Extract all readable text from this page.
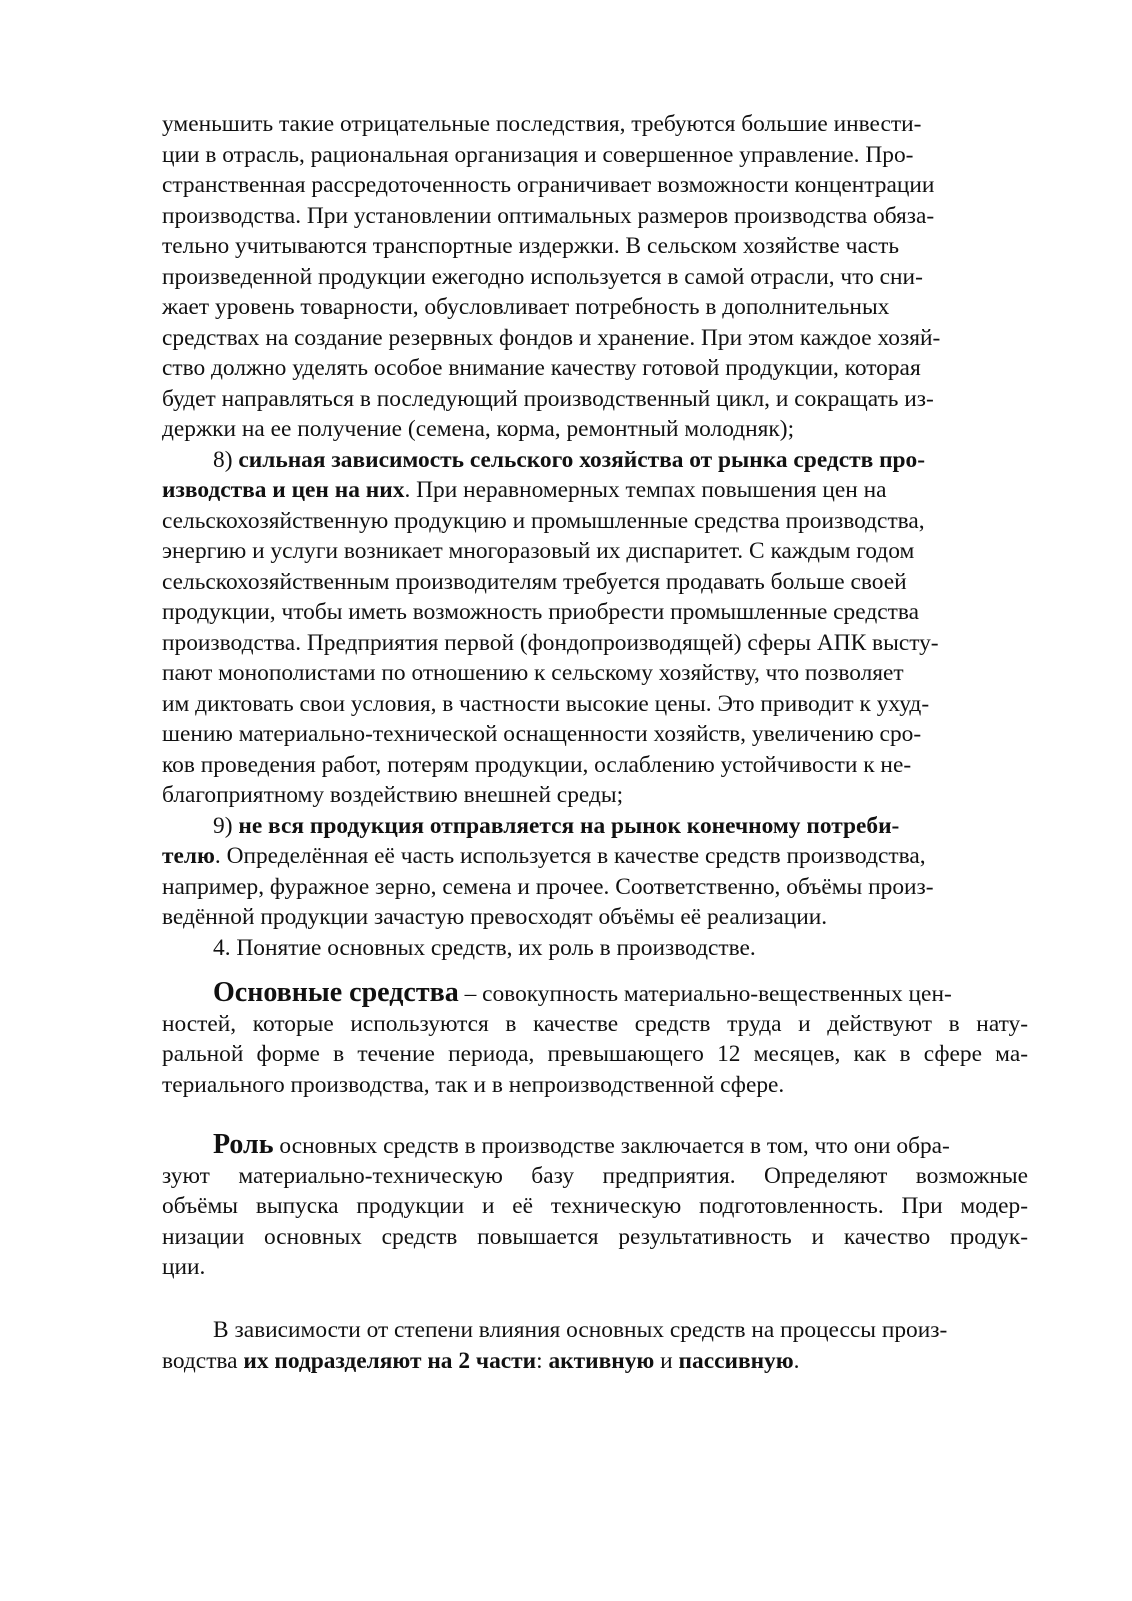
уменьшить такие отрицательные последствия, требуются большие инвести-
ции в отрасль, рациональная организация и совершенное управление. Про-
странственная рассредоточенность ограничивает возможности концентрации
производства. При установлении оптимальных размеров производства обяза-
тельно учитываются транспортные издержки. В сельском хозяйстве часть
произведенной продукции ежегодно используется в самой отрасли, что сни-
жает уровень товарности, обусловливает потребность в дополнительных
средствах на создание резервных фондов и хранение. При этом каждое хозяй-
ство должно уделять особое внимание качеству готовой продукции, которая
будет направляться в последующий производственный цикл, и сокращать из-
держки на ее получение (семена, корма, ремонтный молодняк);
8) сильная зависимость сельского хозяйства от рынка средств про-
изводства и цен на них. При неравномерных темпах повышения цен на
сельскохозяйственную продукцию и промышленные средства производства,
энергию и услуги возникает многоразовый их диспаритет. С каждым годом
сельскохозяйственным производителям требуется продавать больше своей
продукции, чтобы иметь возможность приобрести промышленные средства
производства. Предприятия первой (фондопроизводящей) сферы АПК высту-
пают монополистами по отношению к сельскому хозяйству, что позволяет
им диктовать свои условия, в частности высокие цены. Это приводит к ухуд-
шению материально-технической оснащенности хозяйств, увеличению сро-
ков проведения работ, потерям продукции, ослаблению устойчивости к не-
благоприятному воздействию внешней среды;
9) не вся продукция отправляется на рынок конечному потреби-
телю. Определённая её часть используется в качестве средств производства,
например, фуражное зерно, семена и прочее. Соответственно, объёмы произ-
ведённой продукции зачастую превосходят объёмы её реализации.
4. Понятие основных средств, их роль в производстве.
Основные средства – совокупность материально-вещественных цен-
ностей, которые используются в качестве средств труда и действуют в нату-
ральной форме в течение периода, превышающего 12 месяцев, как в сфере ма-
териального производства, так и в непроизводственной сфере.
Роль основных средств в производстве заключается в том, что они обра-
зуют материально-техническую базу предприятия. Определяют возможные
объёмы выпуска продукции и её техническую подготовленность. При модер-
низации основных средств повышается результативность и качество продук-
ции.
В зависимости от степени влияния основных средств на процессы произ-
водства их подразделяют на 2 части: активную и пассивную.
